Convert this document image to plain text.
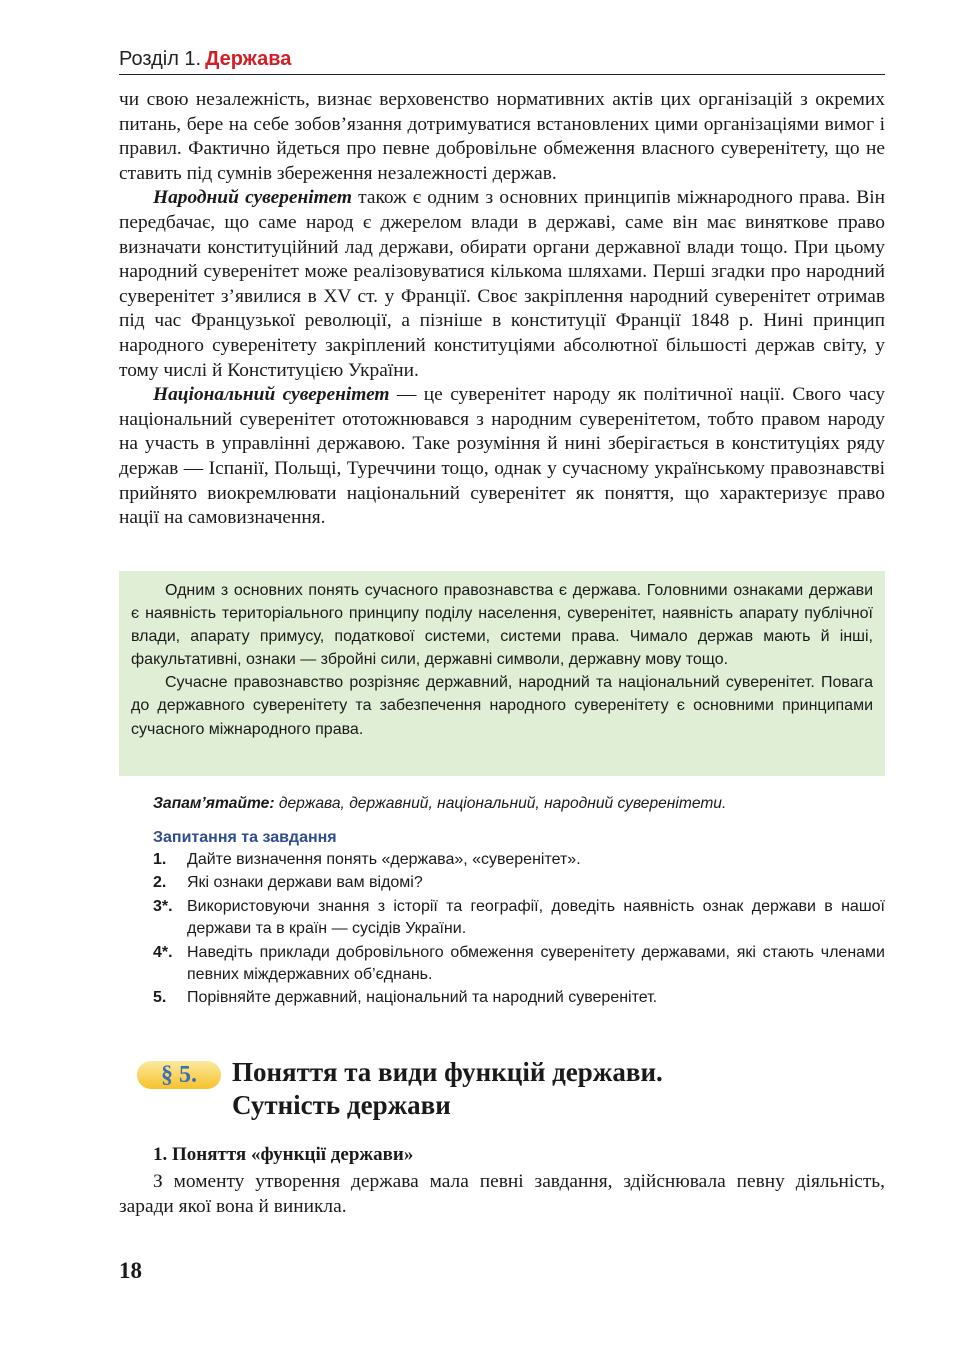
Розділ 1. Держава

чи свою незалежність, визнає верховенство нормативних актів цих організацій з окремих питань, бере на себе зобов’язання дотримуватися встановлених цими організаціями вимог і правил. Фактично йдеться про певне добровільне обмеження власного суверенітету, що не ставить під сумнів збереження незалежності держав.

Народний суверенітет також є одним з основних принципів міжнародного права. Він передбачає, що саме народ є джерелом влади в державі, саме він має виняткове право визначати конституційний лад держави, обирати органи державної влади тощо. При цьому народний суверенітет може реалізовуватися кількома шляхами. Перші згадки про народний суверенітет з’явилися в XV ст. у Франції. Своє закріплення народний суверенітет отримав під час Французької революції, а пізніше в конституції Франції 1848 р. Нині принцип народного суверенітету закріплений конституціями абсолютної більшості держав світу, у тому числі й Конституцією України.

Національний суверенітет — це суверенітет народу як політичної нації. Свого часу національний суверенітет ототожнювався з народним суверенітетом, тобто правом народу на участь в управлінні державою. Таке розуміння й нині зберігається в конституціях ряду держав — Іспанії, Польщі, Туреччини тощо, однак у сучасному українському правознавстві прийнято виокремлювати національний суверенітет як поняття, що характеризує право нації на самовизначення.

Одним з основних понять сучасного правознавства є держава. Головними ознаками держави є наявність територіального принципу поділу населення, суверенітет, наявність апарату публічної влади, апарату примусу, податкової системи, системи права. Чимало держав мають й інші, факультативні, ознаки — збройні сили, державні символи, державну мову тощо.

Сучасне правознавство розрізняє державний, народний та національний суверенітет. Повага до державного суверенітету та забезпечення народного суверенітету є основними принципами сучасного міжнародного права.

Запам’ятайте: держава, державний, національний, народний суверенітети.
Запитання та завдання
1.	Дайте визначення понять «держава», «суверенітет».
2.	Які ознаки держави вам відомі?
3*. Використовуючи знання з історії та географії, доведіть наявність ознак держави в нашої держави та в країн — сусідів України.
4*. Наведіть приклади добровільного обмеження суверенітету державами, які стають членами певних міждержавних об’єднань.
5.	Порівняйте державний, національний та народний суверенітет.
§ 5.	Поняття та види функцій держави.
Сутність держави
1. Поняття «функції держави»

З моменту утворення держава мала певні завдання, здійснювала певну діяльність, заради якої вона й виникла.

18
